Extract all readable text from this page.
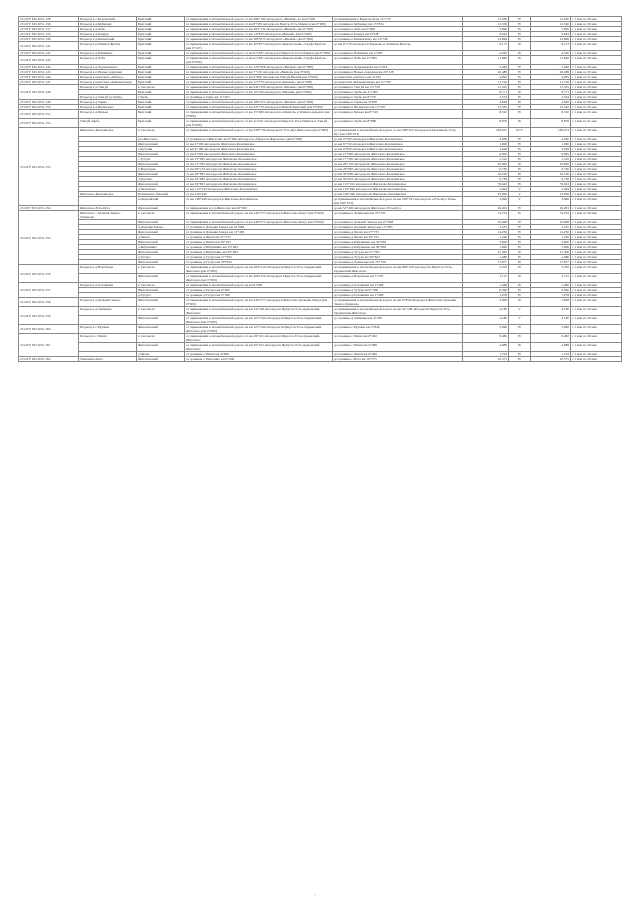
25 ОГУ МЗ 2051-138	Подъезд к с.Булуньский	Братский	от примыкания к автомобильной дороге от км 286+190 автодороги «Вилюй» до км 0+000	до примыкания к Берегоцой км 13+170	13,500	IV	13,500	с 1 мая по 30 мая
25 ОГУ МЗ 2051-136	Подъезд к д.Кубинаку	Братский	от примыкания к автомобильной дороге от км 8+359 автодороги Братск-Усть-Илимск (км 0+000)	до границы в Кубинаку км 15+834	15,556	IV	15,566	с 1 мая по 30 мая
25 ОГУ МЗ 2051-137	Подъезд к д.Лабе	Братский	от примыкания к автомобильной дороге от км 263+134 автодороги «Вилюй» (км 0+000)	до границы в Лабе км 5+690	5,840	IV	5,840	с 1 мая по 30 мая
25 ОГУ МЗ 2051-135	Подъезд к д.Кандуя	Братский	от примыкания к автомобильной дороге от км 14+835 автодороги «Вилюй» (км 0+000)	до границы в Кандуе км 9+648	9,644	IV	9,644	с 1 мая по 30 мая
25 ОГУ МЗ 2051-140	Подъезд к д.Кежемский	Братский	от примыкания к автомобильной дороге от км 383+013 автодороги «Вилюй» (км 0+000)	до границы в Кежемскому км 14+740	14,896	IV	14,896	с 1 мая по 30 мая
25 ОГУ МЗ 2051-141	Подъезд к п.Илимск-Братск	Братский	от примыкания к автомобильной дороге от км 36+857 автодороги «Кирульский» «Труфа-Братск» (км 0+127)	до км 9+170 автодороги Тиржань и «Илимск-Братск»	9,173	IV	9,173	с 1 мая по 30 мая
25 ОГУ МЗ 2051-142	Подъезд к д.Илимкаре	Братский	от примыкания к автомобильной дороге от км 61+481 автодороги Иркутск-Усть-Илимск (км 0+000)	до границы в Илимкаре км 4+485	4,520	IV	4,520	с 1 мая по 30 мая
25 ОГУ МЗ 2051-143	Подъезд к д.Хабь	Братский	от примыкания к автомобильной дороге от км 61+481 автодороги «Кирульский» «Труфа-Братск» (км 0+000)	до границы в Хабь км 11+865	11,840	IV	11,840	с 1 мая по 30 мая
25 ОГУ МЗ 2051-144	Подъезд к д.Хуржемаково	Братский	от примыкания к автомобильной дороге от км 120+958 автодороги «Вилюй» (км 0+000)	до границы в Хуржемакова км 5+918	5,948	IV	5,948	с 1 мая по 30 мая
25 ОГУ МЗ 2051-145	Подъезд к п.Новые Аджунки	Братский	от примыкания к автомобильной дороге от км 7+150 автодороги «Вилюй» (км 0+000)	до границы в Новые Аджунки км 20+128	20,488	IV	20,488	с 1 мая по 30 мая
25 ОГУ МЗ 2051-146	Подъезд к пристани «Добгру»	Братский	от примыкания к автомобильной дороге от км 0+840 автодороги Тангуй-Вилюй (км 0+000)	до пристани «Добгру» км 4+163	4,095	IV	4,095	с 1 мая по 31 мая
25 ОГУ МЗ 2051-147	Подъезд к пристани «Кильмагамая»	Братский	от примыкания к автомобильной дороге от км 12+370 автодороги «Кильма» (км 0+000)	до пристани «Кильмагамая» км 11+760	11,726	IV	11,726	с 1 мая по 30 мая
25 ОГУ МЗ 2051-148	Подъезд к д.Тангуй	в том числе	от примыкания к автомобильной дороге от км 244+359 автодороги «Вилюй» (км 0+000)	до границы в Тангуй км 11+379	11,325	IV	11,325	с 1 мая по 30 мая
		Братский	от примыкания к автомобильной дороге от км 10+320 автодороги «Вилюй» (км 0+000)	до границы в Зарбь км 11+402	8,771	IV	8,771	с 1 мая по 30 мая
	Подъезд к д.Тангуй (д.Зарбь)	г.Зарбь	от границы в Зарбь км 11+403	до границы в Зарбь км 8+337	2,554	IV	2,554	с 1 мая по 30 мая
25 ОГУ МЗ 2051-149	Подъезд к д.Тарма	Братский	от примыкания к автомобильной дороге от км 186+321 автодороги «Вилюй» (км 0+000)	до границы в Тарма км 4+628	4,628	IV	4,628	с 1 мая по 30 мая
25 ОГУ МЗ 2051-150	Подъезд к д.Шумилово	Братский	от примыкания к автомобильной дороге от км 44+770 автодороги Вилюй-Братский (км 0+000)	до границы в Шумилово км 15+587	15,592	IV	15,592	с 1 мая по 30 мая
25 ОГУ МЗ 2051-151	Подъезд к д.Бунька	Братский	от примыкания к автомобильной дороге от км 15+480 автодороги «Илимск» в Илимск-Адъевск (км 0+000)	до границы в Бунька км 8+310	8,310	IV	8,310	с 1 мая по 31 мая
25 ОГУ МЗ 2051-152	Тангуй-Зарбь	Братский	от примыкания к автомобильной дороге от км 11+421 автодороги Иркутск-Усть-Илимск и Тангуй (км 0+000)	до границы в Зарбь км 8+880	8,876	IV	8,876	с 1 мая по 31 мая
25 ОГУ МЗ 2051-153	Жигалово-Казачинское	в том числе	от примыкания к автомобильной дороге от км 258+730 автодороги Усть-Кут-Жигалово (км 0+000)	до примыкания к автомобильной дороге от км 198+252 автодороги Казачинско-Усть-Кут (км 198+253)	169,937	IV/V	169,274	с 1 мая по 30 мая
		р.п.Жигалово	от границы р.п.Жигалово км 0+000 автодороги «Иркутск-Жигалово» (км 0+000)	до км 4+500 автодороги Жигалово-Казачинское	4,500	IV	4,500	с 1 мая по 30 мая
		Жигаловский	от км 4+500 автодороги Жигалово-Казачинское	до км 6+750 автодороги Жигалово-Казачинское	1,690	IV	1,690	с 1 мая по 30 мая
		с.Кутулик	от км 6+180 автодороги Жигалово-Казачинское	до км 9+000 автодороги Жигалово-Казачинское	3,028	IV	3,028	с 1 мая по 30 мая
		Жигаловский	от км 9+000 автодороги Жигалово-Казачинское	до км 15+995 автодороги Жигалово-Казачинское	6,995	IV	6,995	с 1 мая по 30 мая
		с.Тутура	от км 15+995 автодороги Жигалово-Казачинское	до км 17+305 автодороги Жигалово-Казачинское	1,310	IV	1,310	с 1 мая по 30 мая
		Жигаловский	от км 17+305 автодороги Жигалово-Казачинское	до км 28+135 автодороги Жигалово-Казачинское	10,830	IV	10,830	с 1 мая по 30 мая
		п.Воробьево	от км 28+135 автодороги Жигалово-Казачинское	до км 28+865 автодороги Жигалово-Казачинское	0,730	IV	0,730	с 1 мая по 30 мая
		Жигаловский	от км 28+865 автодороги Жигалово-Казачинское	до км 39+085 автодороги Жигалово-Казачинское	10,100	IV	10,100	с 1 мая по 30 мая
		д.Грузино	от км 39+085 автодороги Жигалово-Казачинское	до км 39+823 автодороги Жигалово-Казачинское	0,738	IV	0,738	с 1 мая по 30 мая
		Жигаловский	от км 39+823 автодороги Жигалово-Казачинское	до км 115+222 автодороги Жигалово-Казачинское	76,643	IV	76,643	с 1 мая по 30 мая
		д.Челноково	от км 115+226 автодороги Жигалово-Казачинское	до км 119+640 автодороги Жигалово-Казачинское	3,494	V	3,494	с 1 мая по 30 мая
	Жигалово-Казачинское	Казачинско-Ленский	от км 120+440	до км 148+440 автодороги Жигалово-Казачинское	23,099	V	23,099	с 1 мая по 30 мая
		п.Окунайский	от км 148+440 автодороги Жигалово-Казачинское	до примыкания к автомобильной дороге на км 198+253 автодороги «Усть-Кут-Уоян» (км 198+253)	3,696	V	3,696	с 1 мая по 30 мая
25 ОГУ МЗ 2051-154	Жигалово-Усть-Кута	Жигаловский	от примыкания к р.п.Жигалово км 26+000	до км 52+400 автодороги Жигалово-Усть-Кута	26,201	IV	26,201	с 1 мая по 30 мая
25 ОГУ МЗ 2051-155	Жигалово - Дальняя Закора - Лукинова	в том числе	от примыкания к автомобильной дороге на км 246+377 автодороги Жигалово-Качуг (км 0+000)	до границы в Лукиновка км 76+720	74,703	IV	74,703	с 1 мая по 30 мая
		Жигаловский	от примыкания к автомобильной дороге от км 246+377 автодороги Жигалово-Качуг (км 0+000)	до границы в Дальней Закоры км 10+948	10,948	IV	10,948	с 1 мая по 30 мая
		п.Дальняя Закора	от границы п.Дальняя Закора км 10+948	до границы п.Дальняя Закора км 13+483	2,535	IV	2,535	с 1 мая по 30 мая
		Жигаловский	от границы п.Дальняя Закора км 13+483	до границы д.Чичап км 27+733	14,250	IV	14,250	с 1 мая по 30 мая
		д.Чичап	от границы д.Чичап км 27+733	до границы д.Чичап км 29+163	1,430	IV	1,430	с 1 мая по 30 мая
		Жигаловский	от границы д.Чичап км 29+163	до границы д.Бабушкино км 35+063	5,900	IV	5,900	с 1 мая по 30 мая
		д.Бабушкино	от границы д.Бабушкино км 35+063	до границы д.Бабушкино км 36+063	1,000	IV	1,000	с 1 мая по 30 мая
		Жигаловский	от границы д.Бабушкино км 36+063	до границы д.Тутура км 57+363	21,300	IV	21,300	с 1 мая по 30 мая
		д.Тутура	от границы д.Тутура км 57+363	до границы д.Тутура км 58+843	1,480	IV	1,480	с 1 мая по 30 мая
		Жигаловский	от границы д.Тутура км 58+843	до границы д.Лукиновка км 76+720	17,877	IV	17,877	с 1 мая по 30 мая
25 ОГУ МЗ 2051-156	Подъезд к д.Воробьева	в том числе	от примыкания к автомобильной дороге на км 268+419 автодороги Иркутск-Усть-Ордынский-Жигалово (км 0+000)	до примыкания к автомобильной дороге на км 268+419 автодороги Иркутск-Усть-Ордынский-Жигалово	3,705	IV	3,705	с 1 мая по 30 мая
		Жигаловский	от примыкания к автомобильной дороге от км 268+419 автодороги Иркутск-Усть-Ордынский-Жигалово (км 0+000)	до границы д.Воробьева км 3+705	3,715	IV	3,715	с 1 мая по 30 мая
25 ОГУ МЗ 2051-157	Подъезд к д.Головкина	в том числе	от примыкания к автомобильной дороге на км 0+000	до границы д.Головкина км 1+468	1,468	IV	1,468	с 1 мая по 30 мая
		Жигаловский	от границы д.Тутура км 0+000	до границы д.Тутура км 0+390	0,390	IV	0,390	с 1 мая по 30 мая
		д.Тутура	от границы д.Тутура км 0+390	до границы д.Головкина км 1+468	1,078	IV	1,078	с 1 мая по 30 мая
25 ОГУ МЗ 2051-158	Подъезд к д.Дальняя Закора	Жигаловский	от примыкания к автомобильной дороге на км 246+377 автодороги Жигалово-Дальняя Закора (км 0+000)	до примыкания к автомобильной дороге на км 0+858 автодороги Жигалово-Дальняя Закора-Лукинова	2,858	IV	2,858	с 1 мая по 30 мая
25 ОГУ МЗ 2051-159	Подъезд к д.Знаменка	в том числе	от примыкания к автомобильной дороге на км 34+148 автодороги Иркутск-Усть-Ордынский-Жигалово	до примыкания к автомобильной дороге на км 34+148 автодороги Иркутск-Усть-Ордынский-Жигалово	4,180	V	4,180	с 1 мая по 30 мая
		Жигаловский	от примыкания к автомобильной дороге на км 167+240 автодороги Иркутск-Усть-Ордынский-Жигалово (км 0+000)	до границы д.Знаменка км 4+180	4,180	V	4,180	с 1 мая по 30 мая
25 ОГУ МЗ 2051-160	Подъезд к с.Рудовка	Жигаловский	от примыкания к автомобильной дороге на км 167+240 автодороги Иркутск-Усть-Ордынский-Жигалово (км 0+000)	до границы с.Рудовка км 5+846	5,846	IV	5,846	с 1 мая по 30 мая
25 ОГУ МЗ 2051-161	Подъезд к с.Чичап	в том числе	от примыкания к автомобильной дороге от км 29+161 автодороги Иркутск-Усть-Ордынский-Жигалово	до границы с.Чичап км 6+482	6,482	IV	6,482	с 1 мая по 30 мая
		Жигаловский	от примыкания к автомобильной дороге на км 29+161 автодороги Иркутск-Усть-Ордынский-Жигалово	до границы с.Чичап км 4+689	4,689	IV	4,689	с 1 мая по 30 мая
		с.Чичап	от границы с.Чичап км 4+689	до границы с.Чичап км 6+482	1,793	IV	1,793	с 1 мая по 30 мая
25 ОГУ МЗ 2051-162	Тимохина-Илга	Жигаловский	от границы с.Тимохино км 0+000	до границы с.Илга км 10+375	10,375	IV	10,375	с 1 мая по 30 мая
·
